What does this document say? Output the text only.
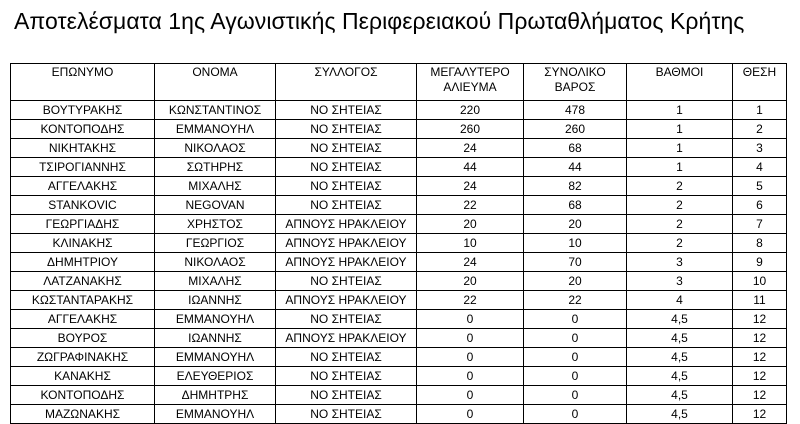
Αποτελέσματα 1ης Αγωνιστικής Περιφερειακού Πρωταθλήματος Κρήτης
ΕΠΩΝΥΜΟ	ΟΝΟΜΑ	ΣΥΛΛΟΓΟΣ	ΜΕΓΑΛΥΤΕΡΟ ΑΛΙΕΥΜΑ	ΣΥΝΟΛΙΚΟ ΒΑΡΟΣ	ΒΑΘΜΟΙ	ΘΕΣΗ
ΒΟΥΤΥΡΑΚΗΣ	ΚΩΝΣΤΑΝΤΙΝΟΣ	ΝΟ ΣΗΤΕΙΑΣ	220	478	1	1
ΚΟΝΤΟΠΟΔΗΣ	ΕΜΜΑΝΟΥΗΛ	ΝΟ ΣΗΤΕΙΑΣ	260	260	1	2
ΝΙΚΗΤΑΚΗΣ	ΝΙΚΟΛΑΟΣ	ΝΟ ΣΗΤΕΙΑΣ	24	68	1	3
ΤΣΙΡΟΓΙΑΝΝΗΣ	ΣΩΤΗΡΗΣ	ΝΟ ΣΗΤΕΙΑΣ	44	44	1	4
ΑΓΓΕΛΑΚΗΣ	ΜΙΧΑΛΗΣ	ΝΟ ΣΗΤΕΙΑΣ	24	82	2	5
STANKOVIC	NEGOVAN	ΝΟ ΣΗΤΕΙΑΣ	22	68	2	6
ΓΕΩΡΓΙΑΔΗΣ	ΧΡΗΣΤΟΣ	ΑΠΝΟΥΣ ΗΡΑΚΛΕΙΟΥ	20	20	2	7
ΚΛΙΝΑΚΗΣ	ΓΕΩΡΓΙΟΣ	ΑΠΝΟΥΣ ΗΡΑΚΛΕΙΟΥ	10	10	2	8
ΔΗΜΗΤΡΙΟΥ	ΝΙΚΟΛΑΟΣ	ΑΠΝΟΥΣ ΗΡΑΚΛΕΙΟΥ	24	70	3	9
ΛΑΤΖΑΝΑΚΗΣ	ΜΙΧΑΛΗΣ	ΝΟ ΣΗΤΕΙΑΣ	20	20	3	10
ΚΩΣΤΑΝΤΑΡΑΚΗΣ	ΙΩΑΝΝΗΣ	ΑΠΝΟΥΣ ΗΡΑΚΛΕΙΟΥ	22	22	4	11
ΑΓΓΕΛΑΚΗΣ	ΕΜΜΑΝΟΥΗΛ	ΝΟ ΣΗΤΕΙΑΣ	0	0	4,5	12
ΒΟΥΡΟΣ	ΙΩΑΝΝΗΣ	ΑΠΝΟΥΣ ΗΡΑΚΛΕΙΟΥ	0	0	4,5	12
ΖΩΓΡΑΦΙΝΑΚΗΣ	ΕΜΜΑΝΟΥΗΛ	ΝΟ ΣΗΤΕΙΑΣ	0	0	4,5	12
ΚΑΝΑΚΗΣ	ΕΛΕΥΘΕΡΙΟΣ	ΝΟ ΣΗΤΕΙΑΣ	0	0	4,5	12
ΚΟΝΤΟΠΟΔΗΣ	ΔΗΜΗΤΡΗΣ	ΝΟ ΣΗΤΕΙΑΣ	0	0	4,5	12
ΜΑΖΩΝΑΚΗΣ	ΕΜΜΑΝΟΥΗΛ	ΝΟ ΣΗΤΕΙΑΣ	0	0	4,5	12
